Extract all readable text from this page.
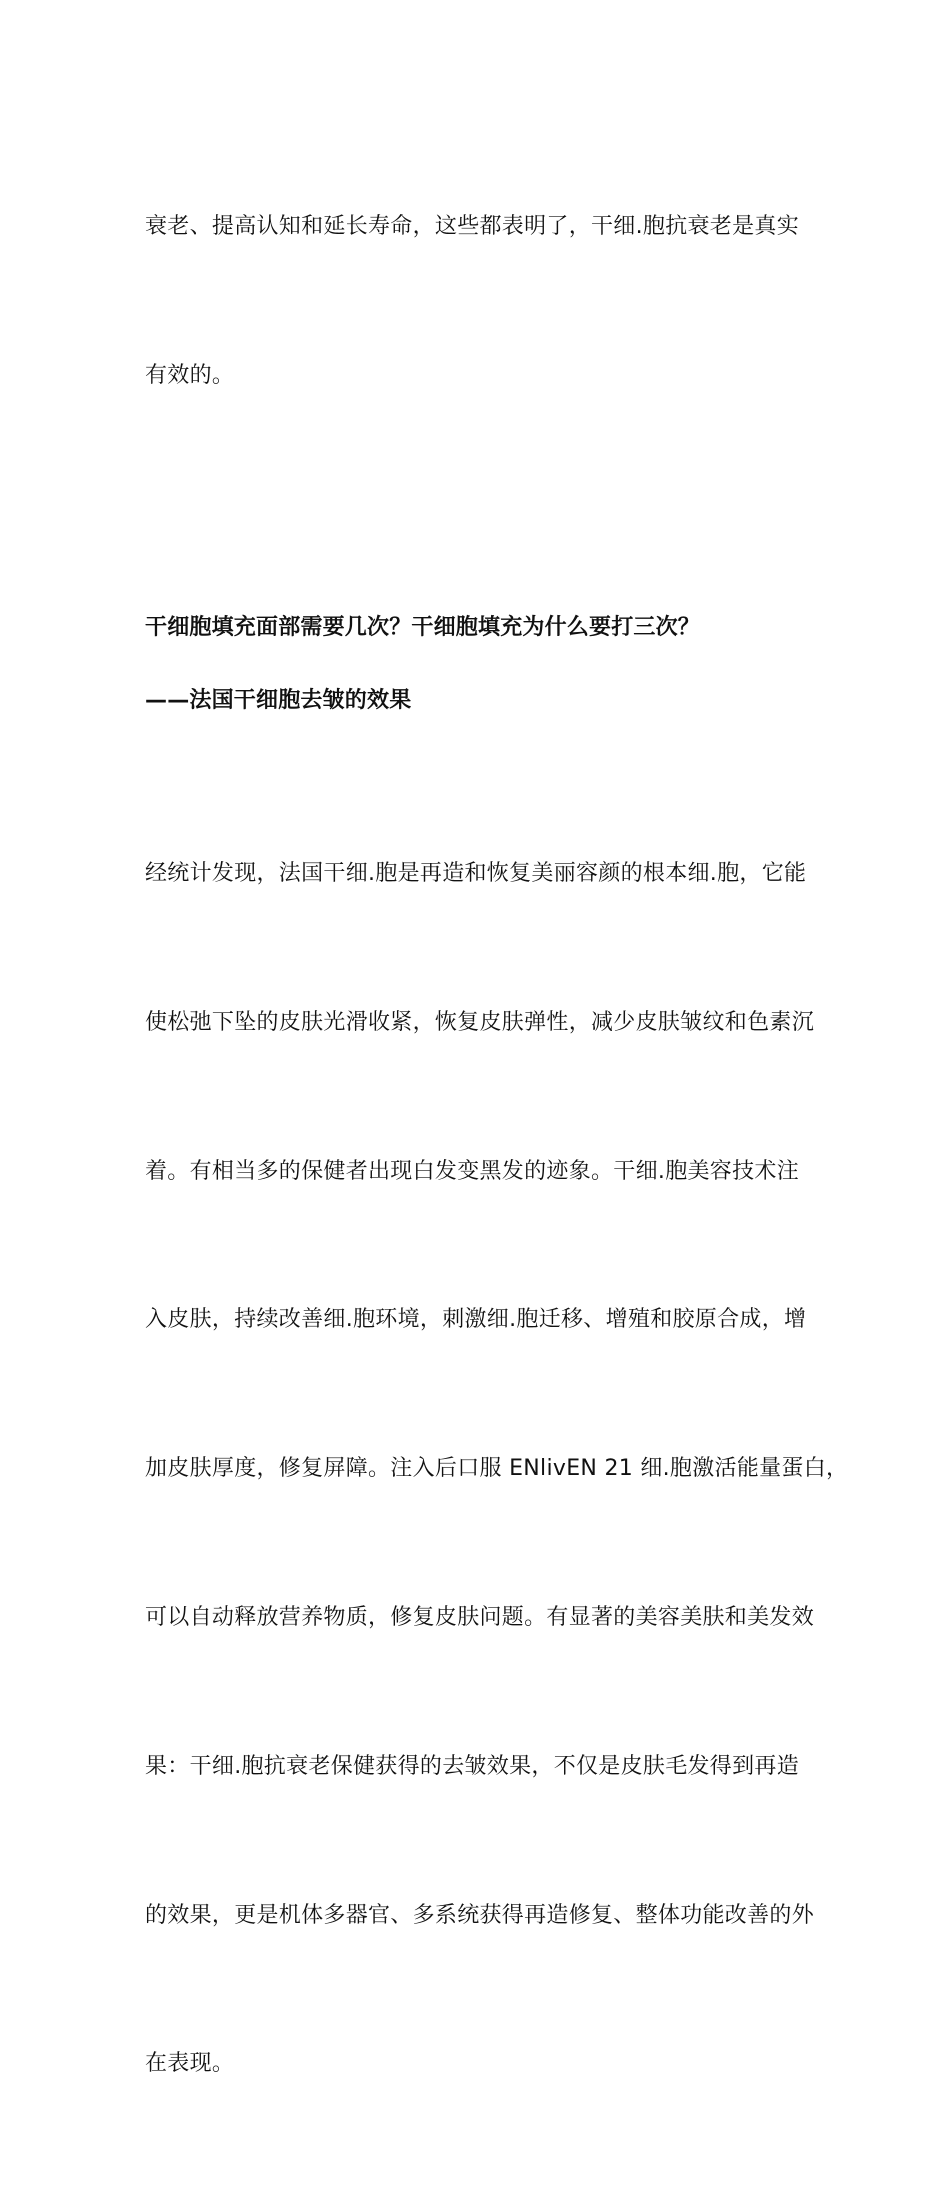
衰老、提高认知和延长寿命，这些都表明了，干细.胞抗衰老是真实

有效的。

干细胞填充面部需要几次？干细胞填充为什么要打三次？
——法国干细胞去皱的效果

经统计发现，法国干细.胞是再造和恢复美丽容颜的根本细.胞，它能

使松弛下坠的皮肤光滑收紧，恢复皮肤弹性，减少皮肤皱纹和色素沉

着。有相当多的保健者出现白发变黑发的迹象。干细.胞美容技术注

入皮肤，持续改善细.胞环境，刺激细.胞迁移、增殖和胶原合成，增

加皮肤厚度，修复屏障。注入后口服 ENlivEN 21 细.胞激活能量蛋白，

可以自动释放营养物质，修复皮肤问题。有显著的美容美肤和美发效

果：干细.胞抗衰老保健获得的去皱效果，不仅是皮肤毛发得到再造

的效果，更是机体多器官、多系统获得再造修复、整体功能改善的外

在表现。
